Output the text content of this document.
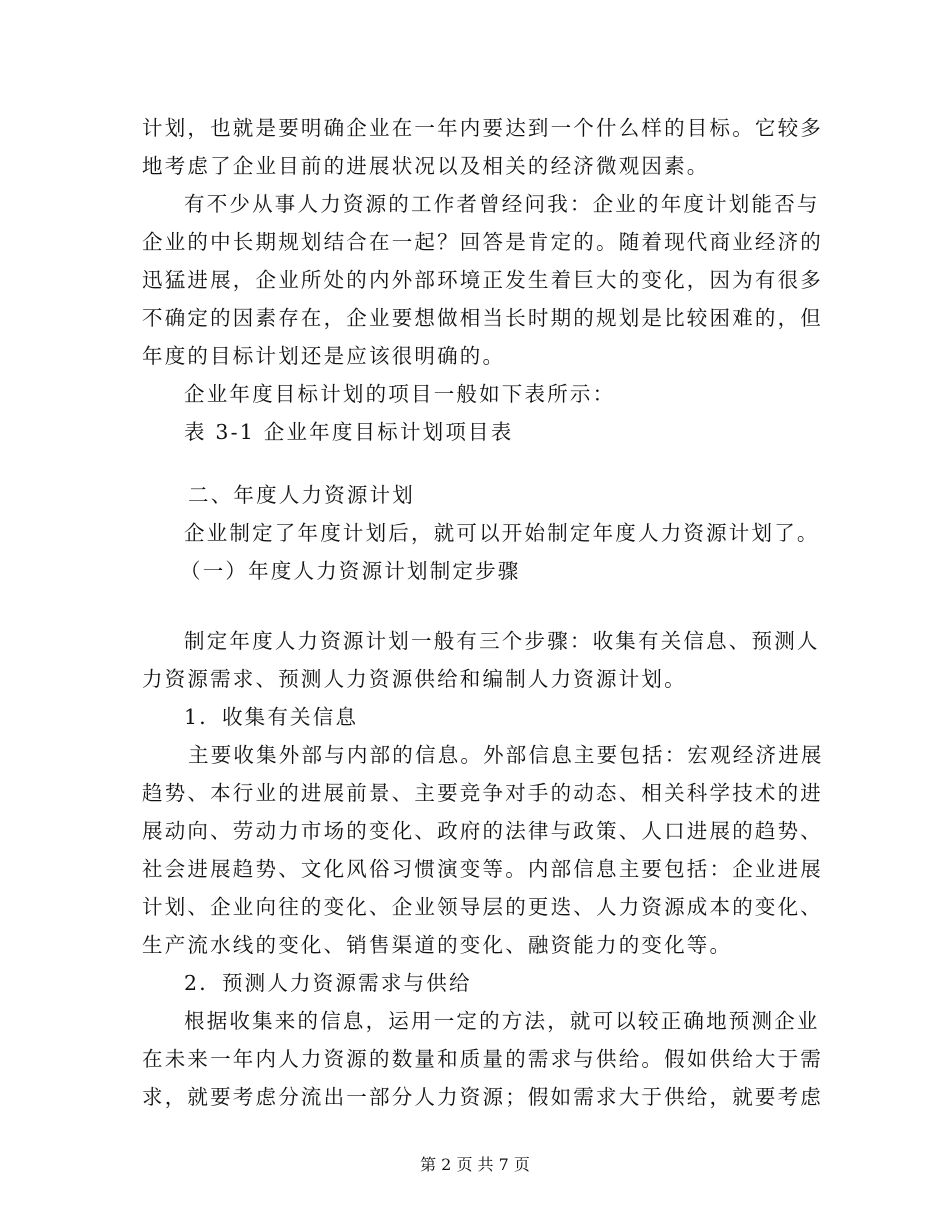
计划，也就是要明确企业在一年内要达到一个什么样的目标。它较多
地考虑了企业目前的进展状况以及相关的经济微观因素。
有不少从事人力资源的工作者曾经问我：企业的年度计划能否与
企业的中长期规划结合在一起？回答是肯定的。随着现代商业经济的
迅猛进展，企业所处的内外部环境正发生着巨大的变化，因为有很多
不确定的因素存在，企业要想做相当长时期的规划是比较困难的，但
年度的目标计划还是应该很明确的。
企业年度目标计划的项目一般如下表所示：
表 3-1 企业年度目标计划项目表
二、年度人力资源计划
企业制定了年度计划后，就可以开始制定年度人力资源计划了。
（一）年度人力资源计划制定步骤
制定年度人力资源计划一般有三个步骤：收集有关信息、预测人
力资源需求、预测人力资源供给和编制人力资源计划。
1．收集有关信息
主要收集外部与内部的信息。外部信息主要包括：宏观经济进展
趋势、本行业的进展前景、主要竞争对手的动态、相关科学技术的进
展动向、劳动力市场的变化、政府的法律与政策、人口进展的趋势、
社会进展趋势、文化风俗习惯演变等。内部信息主要包括：企业进展
计划、企业向往的变化、企业领导层的更迭、人力资源成本的变化、
生产流水线的变化、销售渠道的变化、融资能力的变化等。
2．预测人力资源需求与供给
根据收集来的信息，运用一定的方法，就可以较正确地预测企业
在未来一年内人力资源的数量和质量的需求与供给。假如供给大于需
求，就要考虑分流出一部分人力资源；假如需求大于供给，就要考虑
第 2 页 共 7 页
